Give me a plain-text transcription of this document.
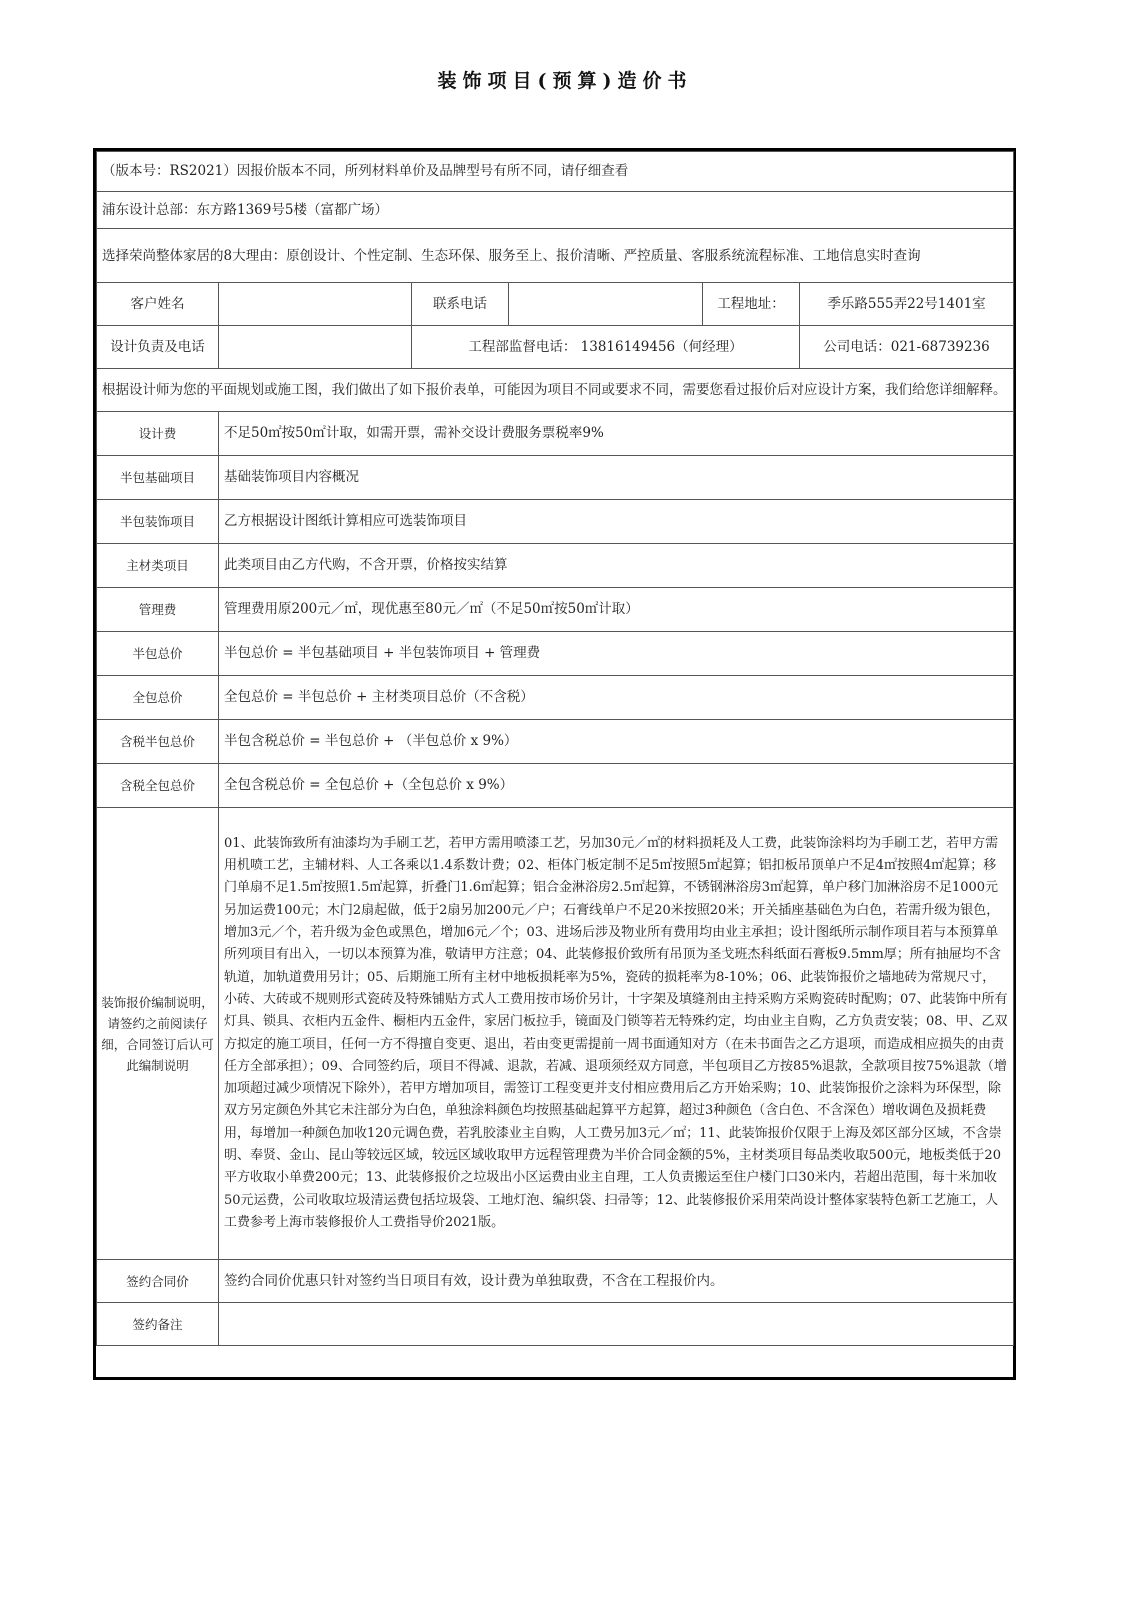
装饰项目(预算)造价书
（版本号：RS2021）因报价版本不同，所列材料单价及品牌型号有所不同，请仔细查看					
浦东设计总部：东方路1369号5楼（富都广场）					
选择荣尚整体家居的8大理由：原创设计、个性定制、生态环保、服务至上、报价清晰、严控质量、客服系统流程标准、工地信息实时查询					
客户姓名		联系电话		工程地址：	季乐路555弄22号1401室
设计负责及电话		工程部监督电话： 13816149456（何经理）			公司电话：021-68739236
根据设计师为您的平面规划或施工图，我们做出了如下报价表单，可能因为项目不同或要求不同，需要您看过报价后对应设计方案，我们给您详细解释。					
设计费	不足50㎡按50㎡计取，如需开票，需补交设计费服务票税率9%				
半包基础项目	基础装饰项目内容概况				
半包装饰项目	乙方根据设计图纸计算相应可选装饰项目				
主材类项目	此类项目由乙方代购，不含开票，价格按实结算				
管理费	管理费用原200元／㎡，现优惠至80元／㎡（不足50㎡按50㎡计取）				
半包总价	半包总价 = 半包基础项目 + 半包装饰项目 + 管理费				
全包总价	全包总价 = 半包总价 + 主材类项目总价（不含税）				
含税半包总价	半包含税总价 = 半包总价 + （半包总价 x 9%）				
含税全包总价	全包含税总价 = 全包总价 +（全包总价 x 9%）				
装饰报价编制说明，请签约之前阅读仔细，合同签订后认可此编制说明	01、此装饰致所有油漆均为手刷工艺，若甲方需用喷漆工艺，另加30元／㎡的材料损耗及人工费，此装饰涂料均为手刷工艺，若甲方需用机喷工艺，主辅材料、人工各乘以1.4系数计费；02、柜体门板定制不足5㎡按照5㎡起算；铝扣板吊顶单户不足4㎡按照4㎡起算；移门单扇不足1.5㎡按照1.5㎡起算，折叠门1.6㎡起算；铝合金淋浴房2.5㎡起算，不锈钢淋浴房3㎡起算，单户移门加淋浴房不足1000元另加运费100元；木门2扇起做，低于2扇另加200元／户；石膏线单户不足20米按照20米；开关插座基础色为白色，若需升级为银色，增加3元／个，若升级为金色或黑色，增加6元／个；03、进场后涉及物业所有费用均由业主承担；设计图纸所示制作项目若与本预算单所列项目有出入，一切以本预算为准，敬请甲方注意；04、此装修报价致所有吊顶为圣戈班杰科纸面石膏板9.5mm厚；所有抽屉均不含轨道，加轨道费用另计；05、后期施工所有主材中地板损耗率为5%，瓷砖的损耗率为8-10%；06、此装饰报价之墙地砖为常规尺寸，小砖、大砖或不规则形式瓷砖及特殊铺贴方式人工费用按市场价另计，十字架及填缝剂由主持采购方采购瓷砖时配购；07、此装饰中所有灯具、锁具、衣柜内五金件、橱柜内五金件，家居门板拉手，镜面及门锁等若无特殊约定，均由业主自购，乙方负责安装；08、甲、乙双方拟定的施工项目，任何一方不得擅自变更、退出，若由变更需提前一周书面通知对方（在未书面告之乙方退项，而造成相应损失的由责任方全部承担）；09、合同签约后，项目不得减、退款，若减、退项须经双方同意，半包项目乙方按85%退款，全款项目按75%退款（增加项超过减少项情况下除外），若甲方增加项目，需签订工程变更并支付相应费用后乙方开始采购；10、此装饰报价之涂料为环保型，除双方另定颜色外其它未注部分为白色，单独涂料颜色均按照基础起算平方起算，超过3种颜色（含白色、不含深色）增收调色及损耗费用，每增加一种颜色加收120元调色费，若乳胶漆业主自购，人工费另加3元／㎡；11、此装饰报价仅限于上海及郊区部分区域，不含崇明、奉贤、金山、昆山等较远区域，较远区域收取甲方远程管理费为半价合同金额的5%，主材类项目每品类收取500元，地板类低于20平方收取小单费200元；13、此装修报价之垃圾出小区运费由业主自理，工人负责搬运至住户楼门口30米内，若超出范围，每十米加收50元运费，公司收取垃圾清运费包括垃圾袋、工地灯泡、编织袋、扫帚等；12、此装修报价采用荣尚设计整体家装特色新工艺施工，人工费参考上海市装修报价人工费指导价2021版。				
签约合同价	签约合同价优惠只针对签约当日项目有效，设计费为单独取费，不含在工程报价内。				
签约备注					
